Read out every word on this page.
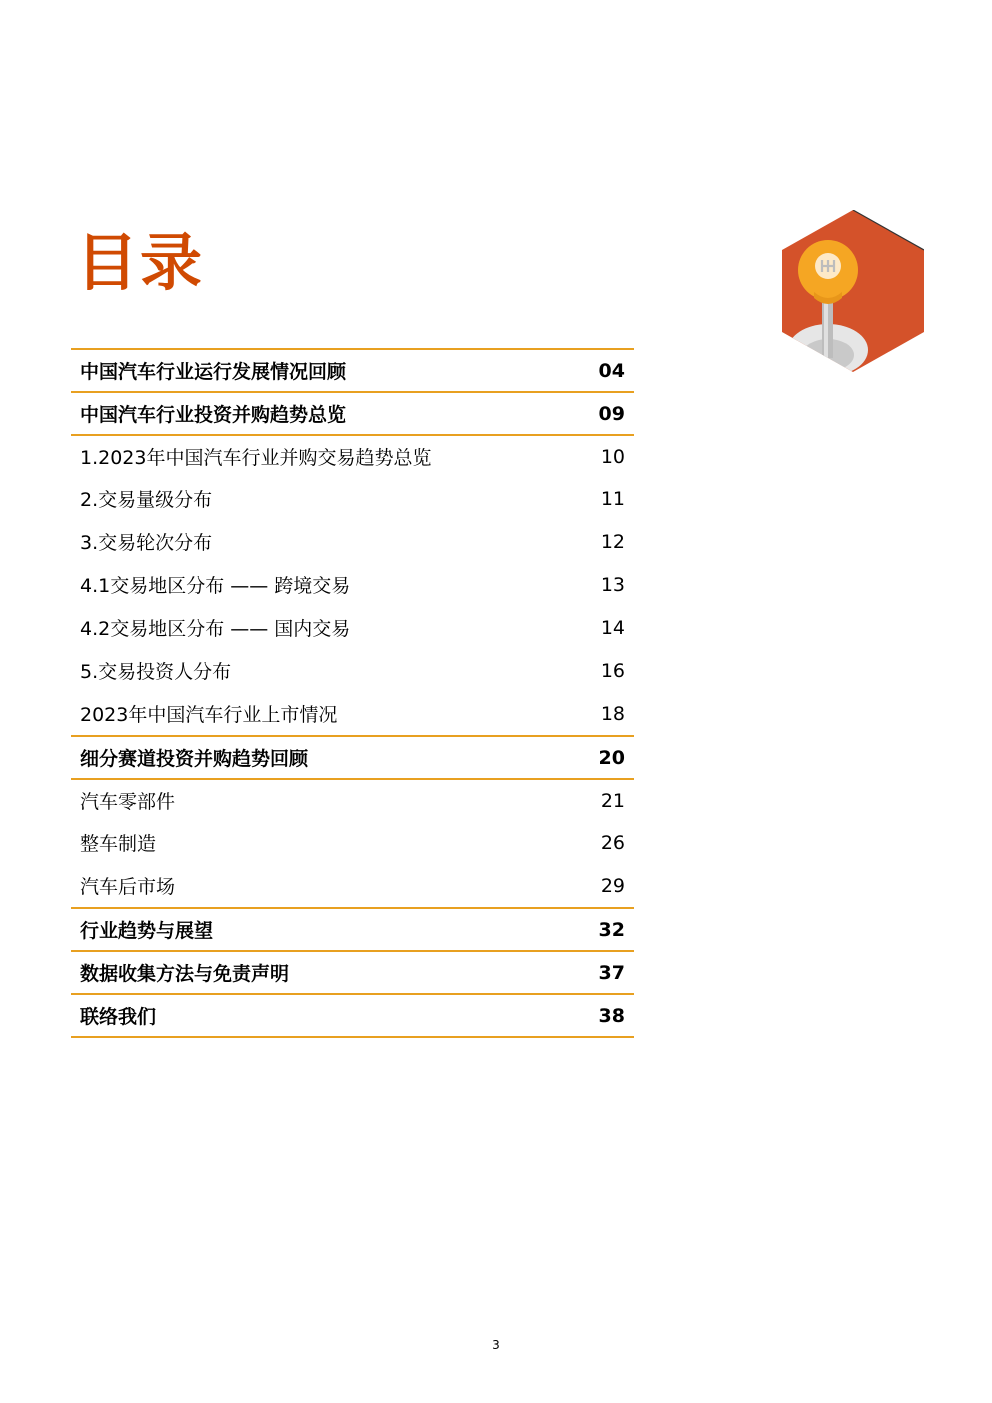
目录
中国汽车行业运行发展情况回顾	04
中国汽车行业投资并购趋势总览	09
1.2023年中国汽车行业并购交易趋势总览	10
2.交易量级分布	11
3.交易轮次分布	12
4.1交易地区分布 —— 跨境交易	13
4.2交易地区分布 —— 国内交易	14
5.交易投资人分布	16
2023年中国汽车行业上市情况	18
细分赛道投资并购趋势回顾	20
汽车零部件	21
整车制造	26
汽车后市场	29
行业趋势与展望	32
数据收集方法与免责声明	37
联络我们	38
3
